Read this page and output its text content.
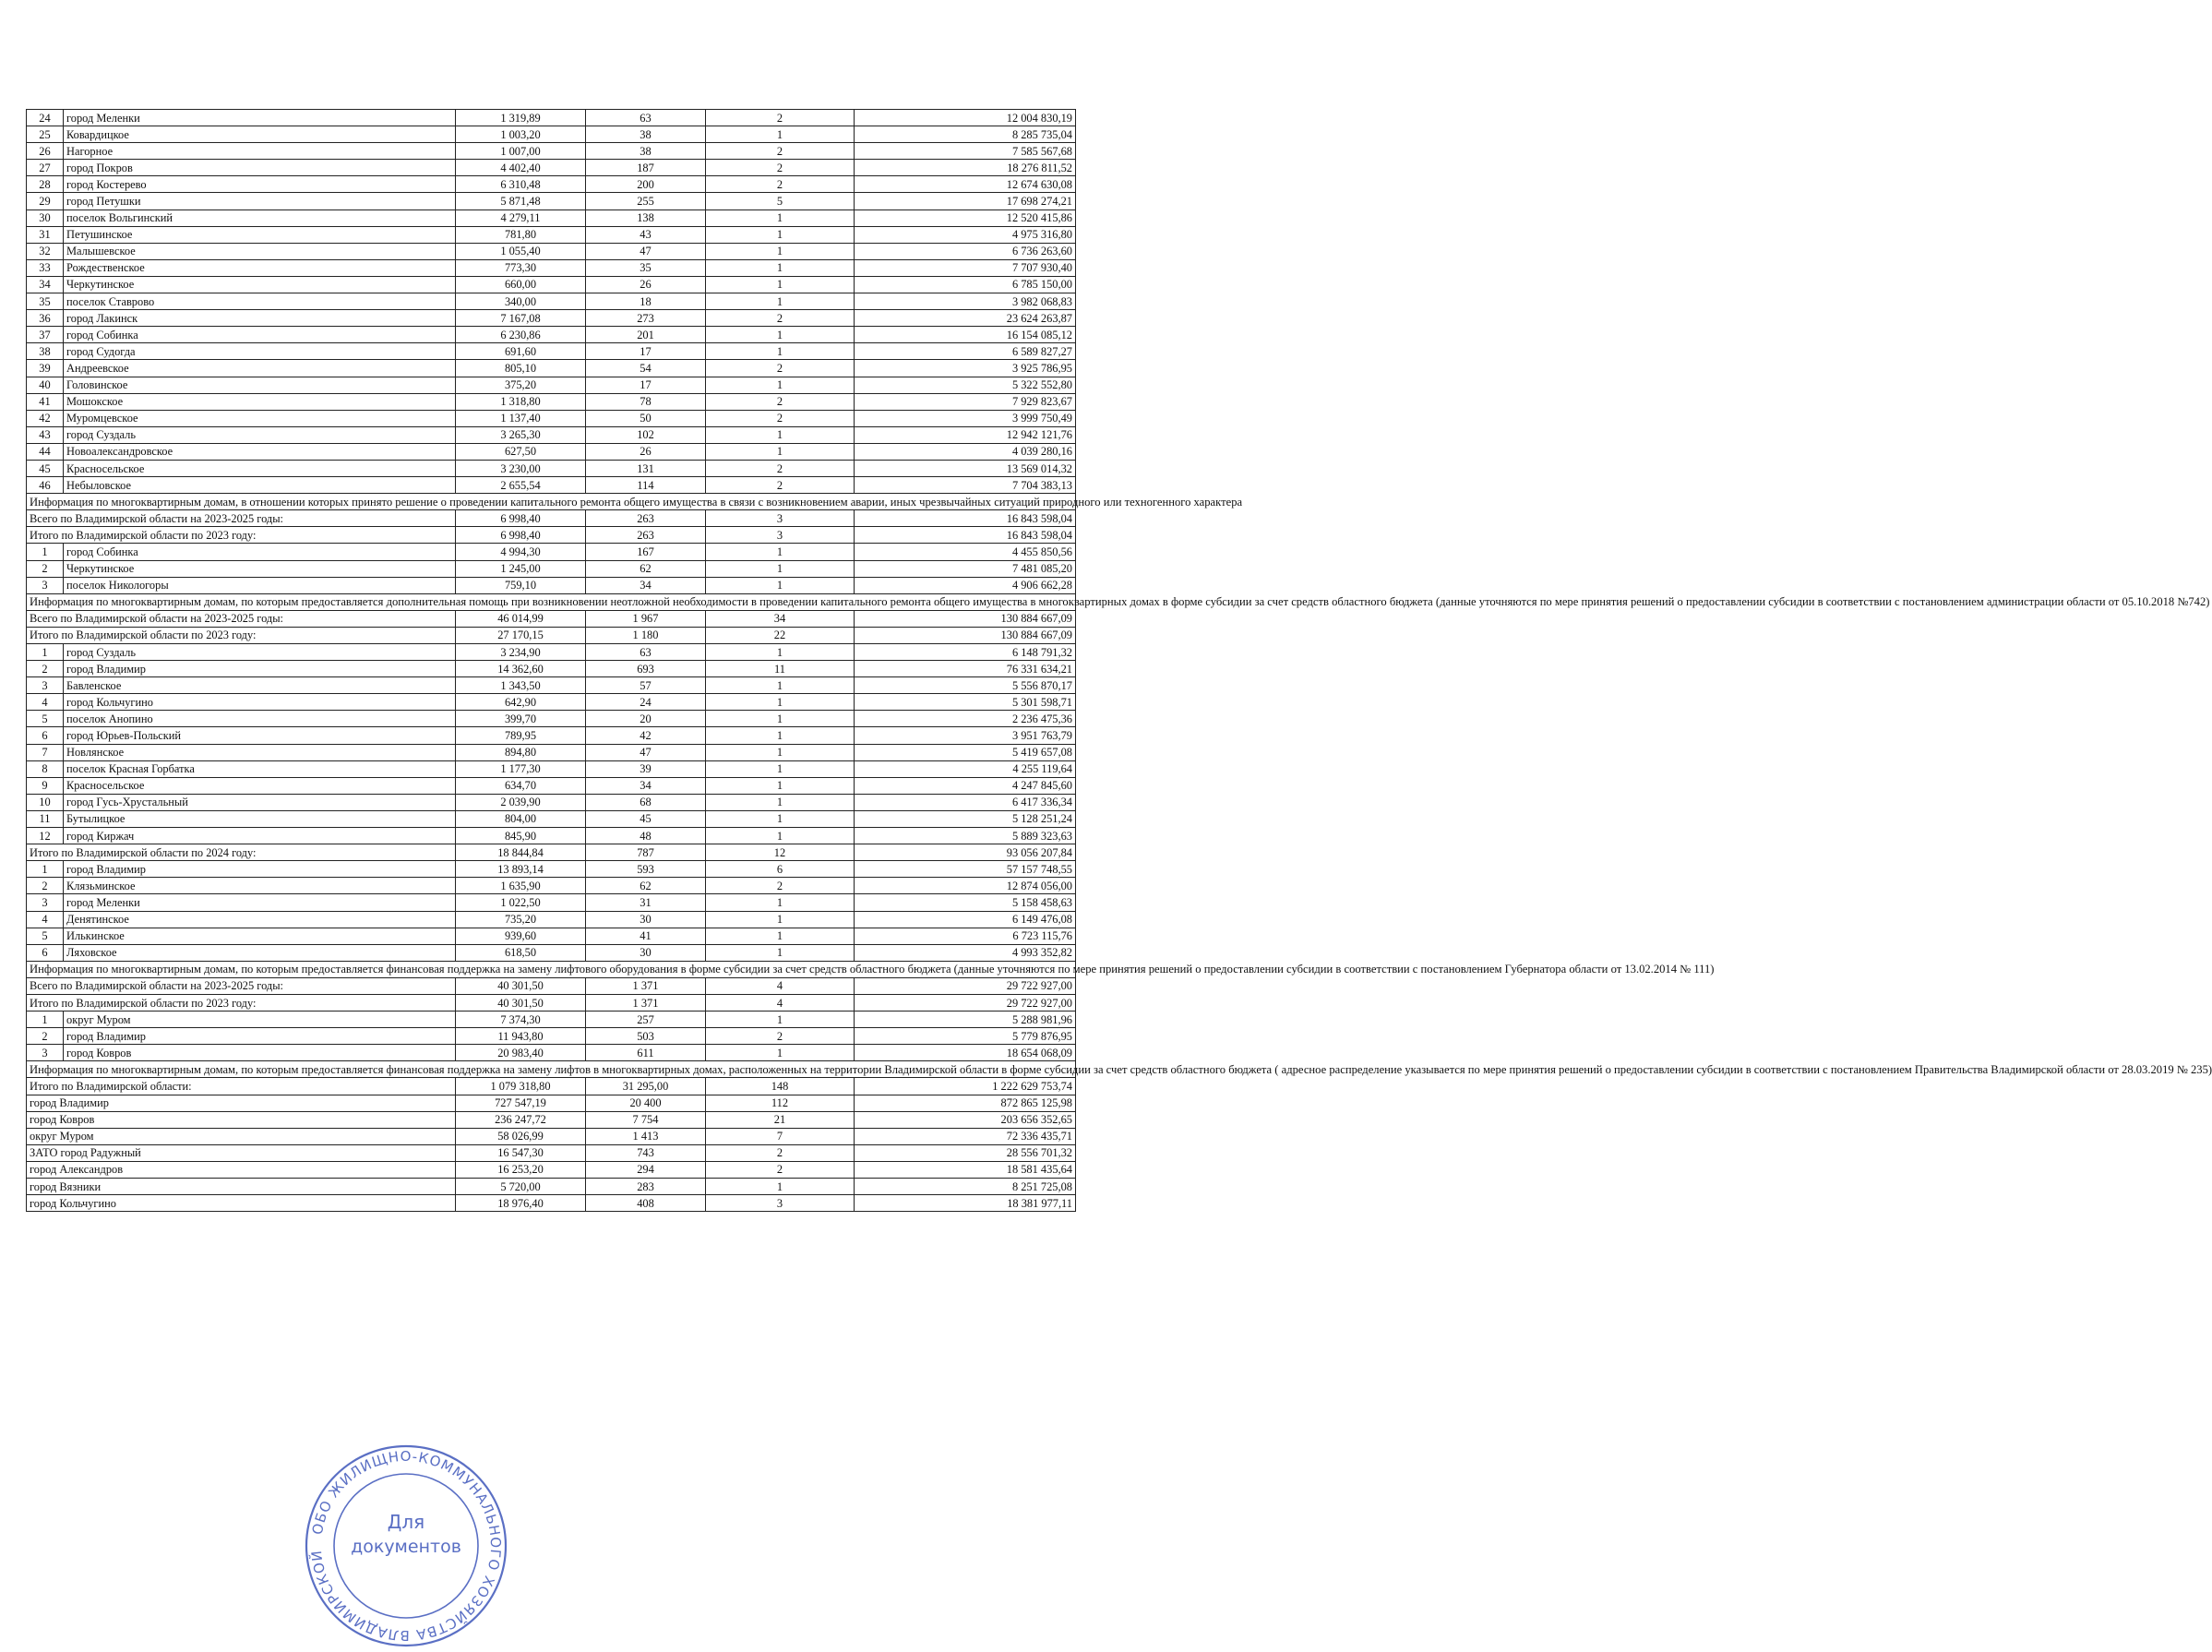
24	город Меленки	1 319,89	63	2	12 004 830,19
25	Ковардицкое	1 003,20	38	1	8 285 735,04
26	Нагорное	1 007,00	38	2	7 585 567,68
27	город Покров	4 402,40	187	2	18 276 811,52
28	город Костерево	6 310,48	200	2	12 674 630,08
29	город Петушки	5 871,48	255	5	17 698 274,21
30	поселок Вольгинский	4 279,11	138	1	12 520 415,86
31	Петушинское	781,80	43	1	4 975 316,80
32	Малышевское	1 055,40	47	1	6 736 263,60
33	Рождественское	773,30	35	1	7 707 930,40
34	Черкутинское	660,00	26	1	6 785 150,00
35	поселок Ставрово	340,00	18	1	3 982 068,83
36	город Лакинск	7 167,08	273	2	23 624 263,87
37	город Собинка	6 230,86	201	1	16 154 085,12
38	город Судогда	691,60	17	1	6 589 827,27
39	Андреевское	805,10	54	2	3 925 786,95
40	Головинское	375,20	17	1	5 322 552,80
41	Мошокское	1 318,80	78	2	7 929 823,67
42	Муромцевское	1 137,40	50	2	3 999 750,49
43	город Суздаль	3 265,30	102	1	12 942 121,76
44	Новоалександровское	627,50	26	1	4 039 280,16
45	Красносельское	3 230,00	131	2	13 569 014,32
46	Небыловское	2 655,54	114	2	7 704 383,13
Информация по многоквартирным домам, в отношении которых принято решение о проведении капитального ремонта общего имущества в связи с возникновением аварии, иных чрезвычайных ситуаций природного или техногенного характера					
Всего по Владимирской области на 2023-2025 годы:		6 998,40	263	3	16 843 598,04
Итого по Владимирской области по 2023 году:		6 998,40	263	3	16 843 598,04
1	город Собинка	4 994,30	167	1	4 455 850,56
2	Черкутинское	1 245,00	62	1	7 481 085,20
3	поселок Никологоры	759,10	34	1	4 906 662,28
Информация по многоквартирным домам, по которым предоставляется дополнительная помощь при возникновении неотложной необходимости в проведении капитального ремонта общего имущества в многоквартирных домах в форме субсидии за счет средств областного бюджета (данные уточняются по мере принятия решений о предоставлении субсидии в соответствии с постановлением администрации области от 05.10.2018 №742)					
Всего по Владимирской области на 2023-2025 годы:		46 014,99	1 967	34	130 884 667,09
Итого по Владимирской области по 2023 году:		27 170,15	1 180	22	130 884 667,09
1	город Суздаль	3 234,90	63	1	6 148 791,32
2	город Владимир	14 362,60	693	11	76 331 634,21
3	Бавленское	1 343,50	57	1	5 556 870,17
4	город Кольчугино	642,90	24	1	5 301 598,71
5	поселок Анопино	399,70	20	1	2 236 475,36
6	город Юрьев-Польский	789,95	42	1	3 951 763,79
7	Новлянское	894,80	47	1	5 419 657,08
8	поселок Красная Горбатка	1 177,30	39	1	4 255 119,64
9	Красносельское	634,70	34	1	4 247 845,60
10	город Гусь-Хрустальный	2 039,90	68	1	6 417 336,34
11	Бутылицкое	804,00	45	1	5 128 251,24
12	город Киржач	845,90	48	1	5 889 323,63
Итого по Владимирской области по 2024 году:		18 844,84	787	12	93 056 207,84
1	город Владимир	13 893,14	593	6	57 157 748,55
2	Клязьминское	1 635,90	62	2	12 874 056,00
3	город Меленки	1 022,50	31	1	5 158 458,63
4	Денятинское	735,20	30	1	6 149 476,08
5	Илькинское	939,60	41	1	6 723 115,76
6	Ляховское	618,50	30	1	4 993 352,82
Информация по многоквартирным домам, по которым предоставляется финансовая поддержка на замену лифтового оборудования в форме субсидии за счет средств областного бюджета (данные уточняются по мере принятия решений о предоставлении субсидии в соответствии с постановлением Губернатора области от 13.02.2014 № 111)					
Всего по Владимирской области на 2023-2025 годы:		40 301,50	1 371	4	29 722 927,00
Итого по Владимирской области по 2023 году:		40 301,50	1 371	4	29 722 927,00
1	округ Муром	7 374,30	257	1	5 288 981,96
2	город Владимир	11 943,80	503	2	5 779 876,95
3	город Ковров	20 983,40	611	1	18 654 068,09
Информация по многоквартирным домам, по которым предоставляется финансовая поддержка на замену лифтов в многоквартирных домах, расположенных на территории Владимирской области в форме субсидии за счет средств областного бюджета ( адресное распределение указывается по мере принятия решений о предоставлении субсидии в соответствии с постановлением Правительства Владимирской области от 28.03.2019 № 235)					
Итого по Владимирской области:		1 079 318,80	31 295,00	148	1 222 629 753,74
город Владимир		727 547,19	20 400	112	872 865 125,98
город Ковров		236 247,72	7 754	21	203 656 352,65
округ Муром		58 026,99	1 413	7	72 336 435,71
ЗАТО город Радужный		16 547,30	743	2	28 556 701,32
город Александров		16 253,20	294	2	18 581 435,64
город Вязники		5 720,00	283	1	8 251 725,08
город Кольчугино		18 976,40	408	3	18 381 977,11
ОБО ЖИЛИЩНО-КОММУНАЛЬНОГО ХОЗЯЙСТВА ВЛАДИМИРСКОЙ
Для
документов
